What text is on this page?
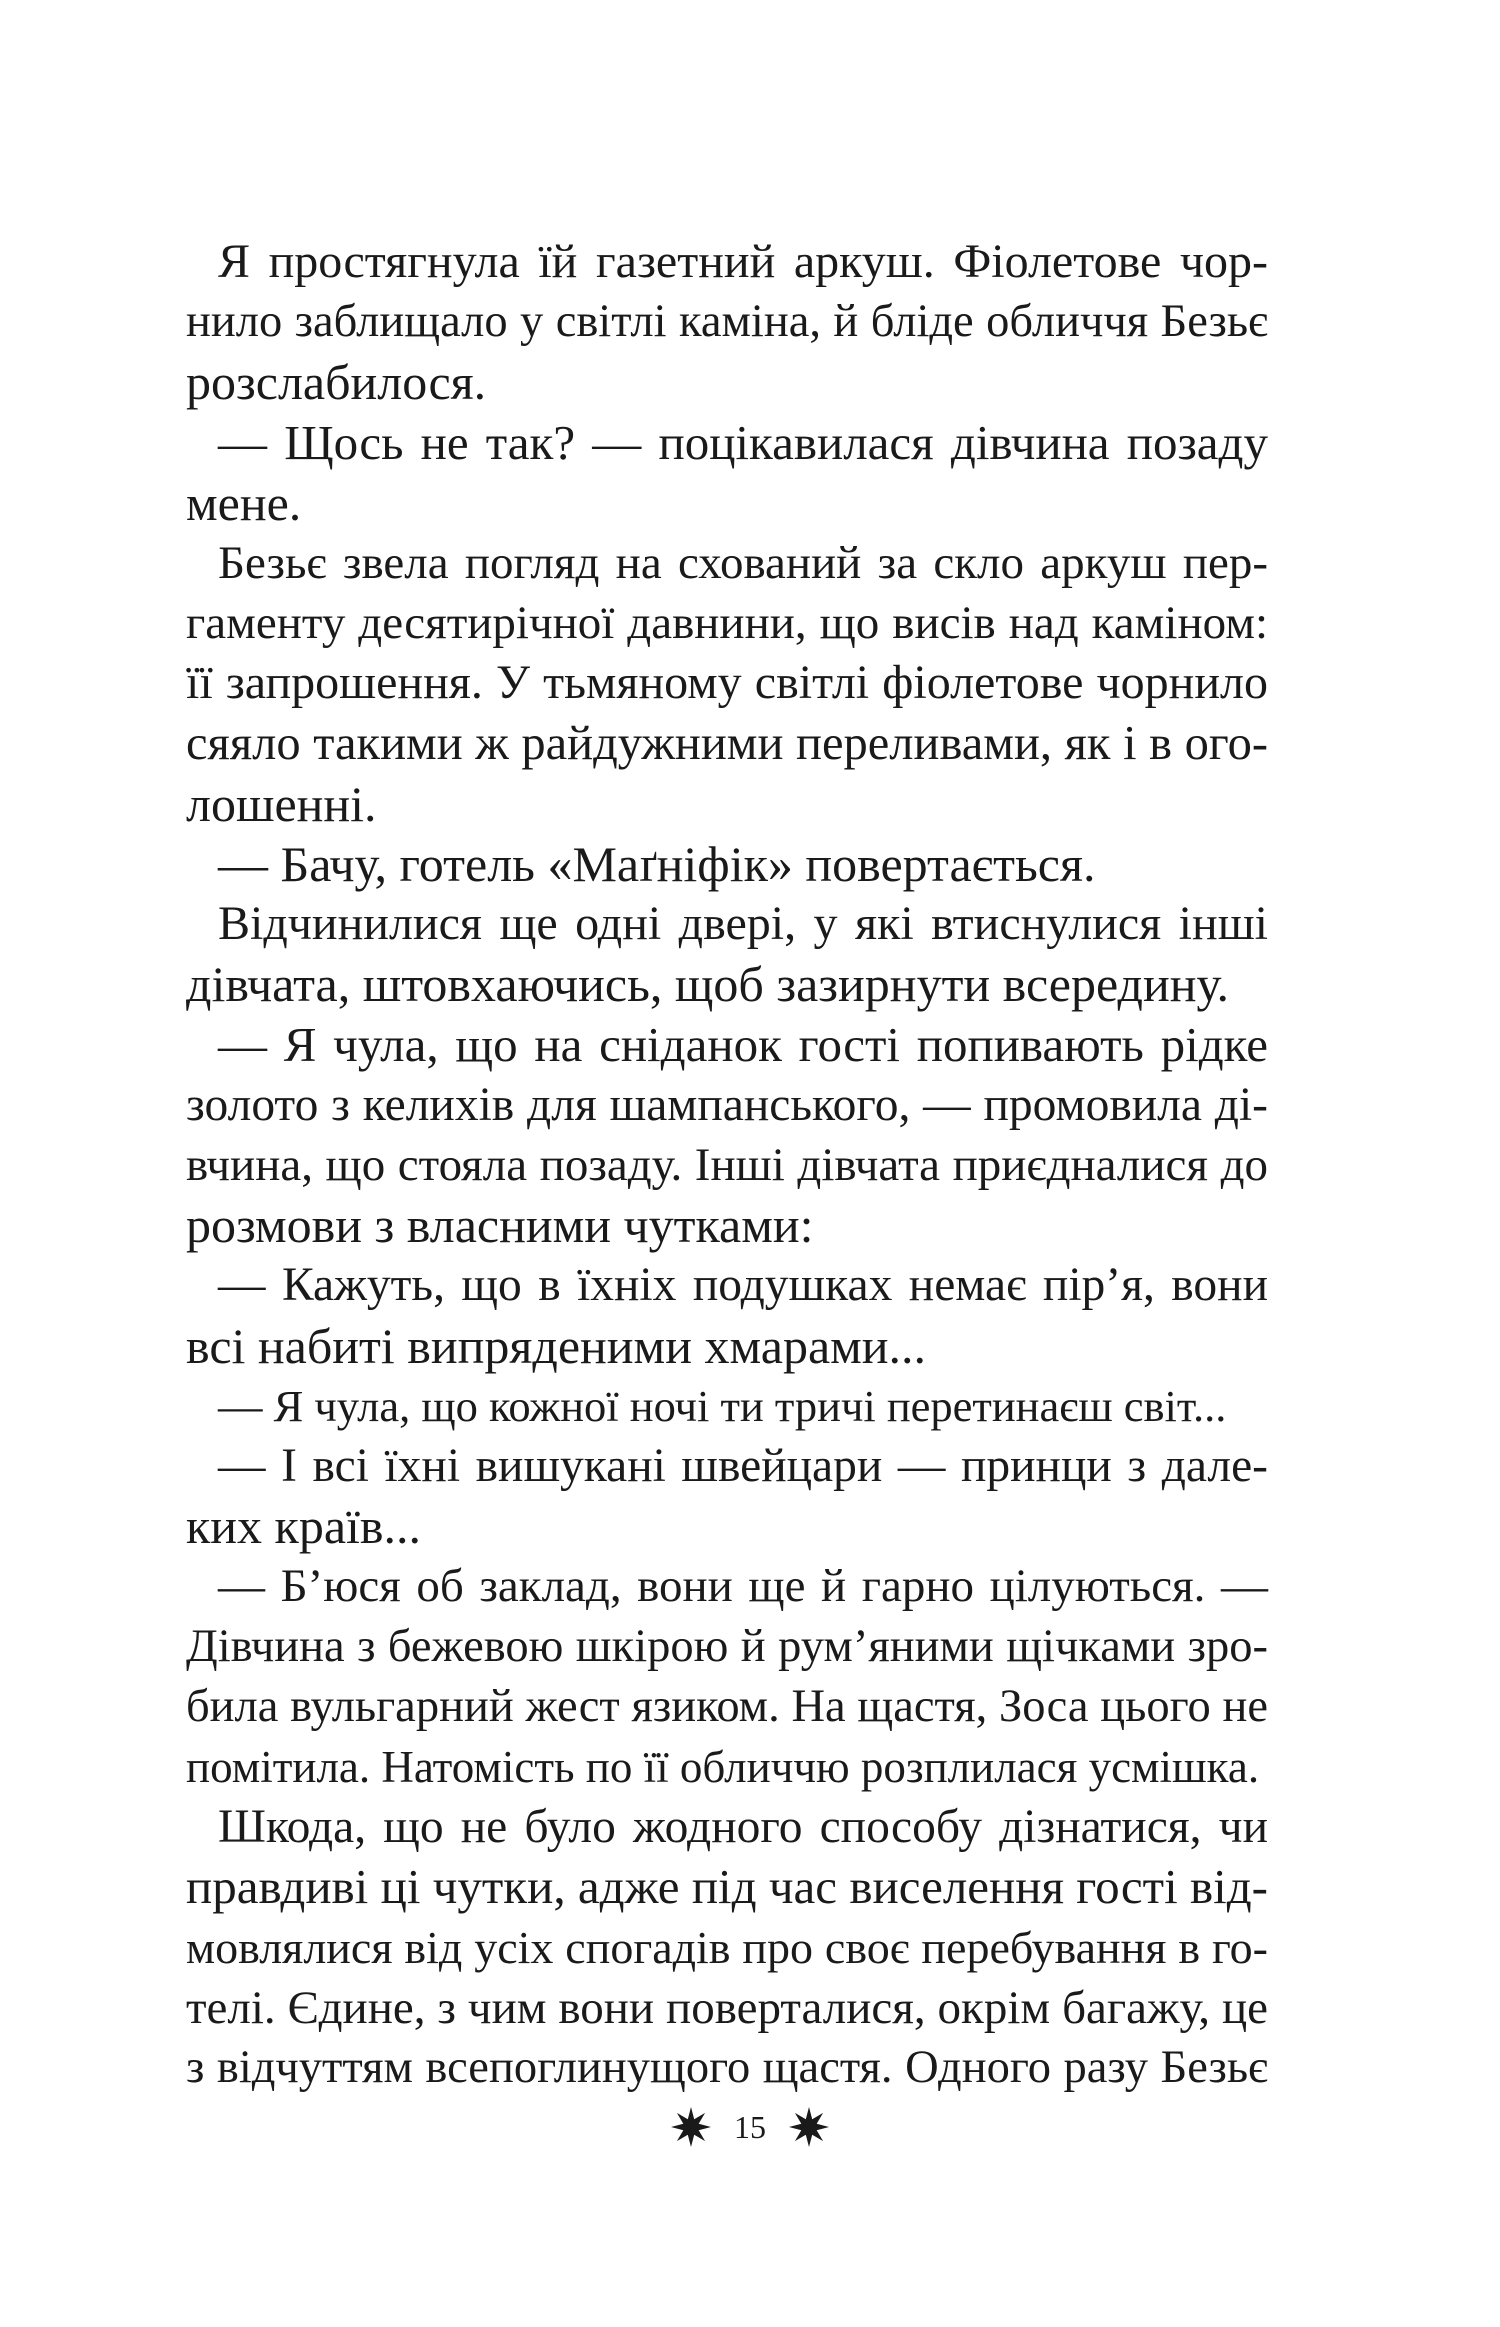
Я простягнула їй газетний аркуш. Фіолетове чор-

нило заблищало у світлі каміна, й бліде обличчя Безьє

розслабилося.

— Щось не так? — поцікавилася дівчина позаду

мене.

Безьє звела погляд на схований за скло аркуш пер-

гаменту десятирічної давнини, що висів над каміном:

її запрошення. У тьмяному світлі фіолетове чорнило

сяяло такими ж райдужними переливами, як і в ого-

лошенні.

— Бачу, готель «Маґніфік» повертається.

Відчинилися ще одні двері, у які втиснулися інші

дівчата, штовхаючись, щоб зазирнути всередину.

— Я чула, що на сніданок гості попивають рідке

золото з келихів для шампанського, — промовила ді-

вчина, що стояла позаду. Інші дівчата приєдналися до

розмови з власними чутками:

— Кажуть, що в їхніх подушках немає пір’я, вони

всі набиті випряденими хмарами...

— Я чула, що кожної ночі ти тричі перетинаєш світ...

— І всі їхні вишукані швейцари — принци з дале-

ких країв...

— Б’юся об заклад, вони ще й гарно цілуються. —

Дівчина з бежевою шкірою й рум’яними щічками зро-

била вульгарний жест язиком. На щастя, Зоса цього не

помітила. Натомість по її обличчю розплилася усмішка.

Шкода, що не було жодного способу дізнатися, чи

правдиві ці чутки, адже під час виселення гості від-

мовлялися від усіх спогадів про своє перебування в го-

телі. Єдине, з чим вони поверталися, окрім багажу, це

з відчуттям всепоглинущого щастя. Одного разу Безьє

15
